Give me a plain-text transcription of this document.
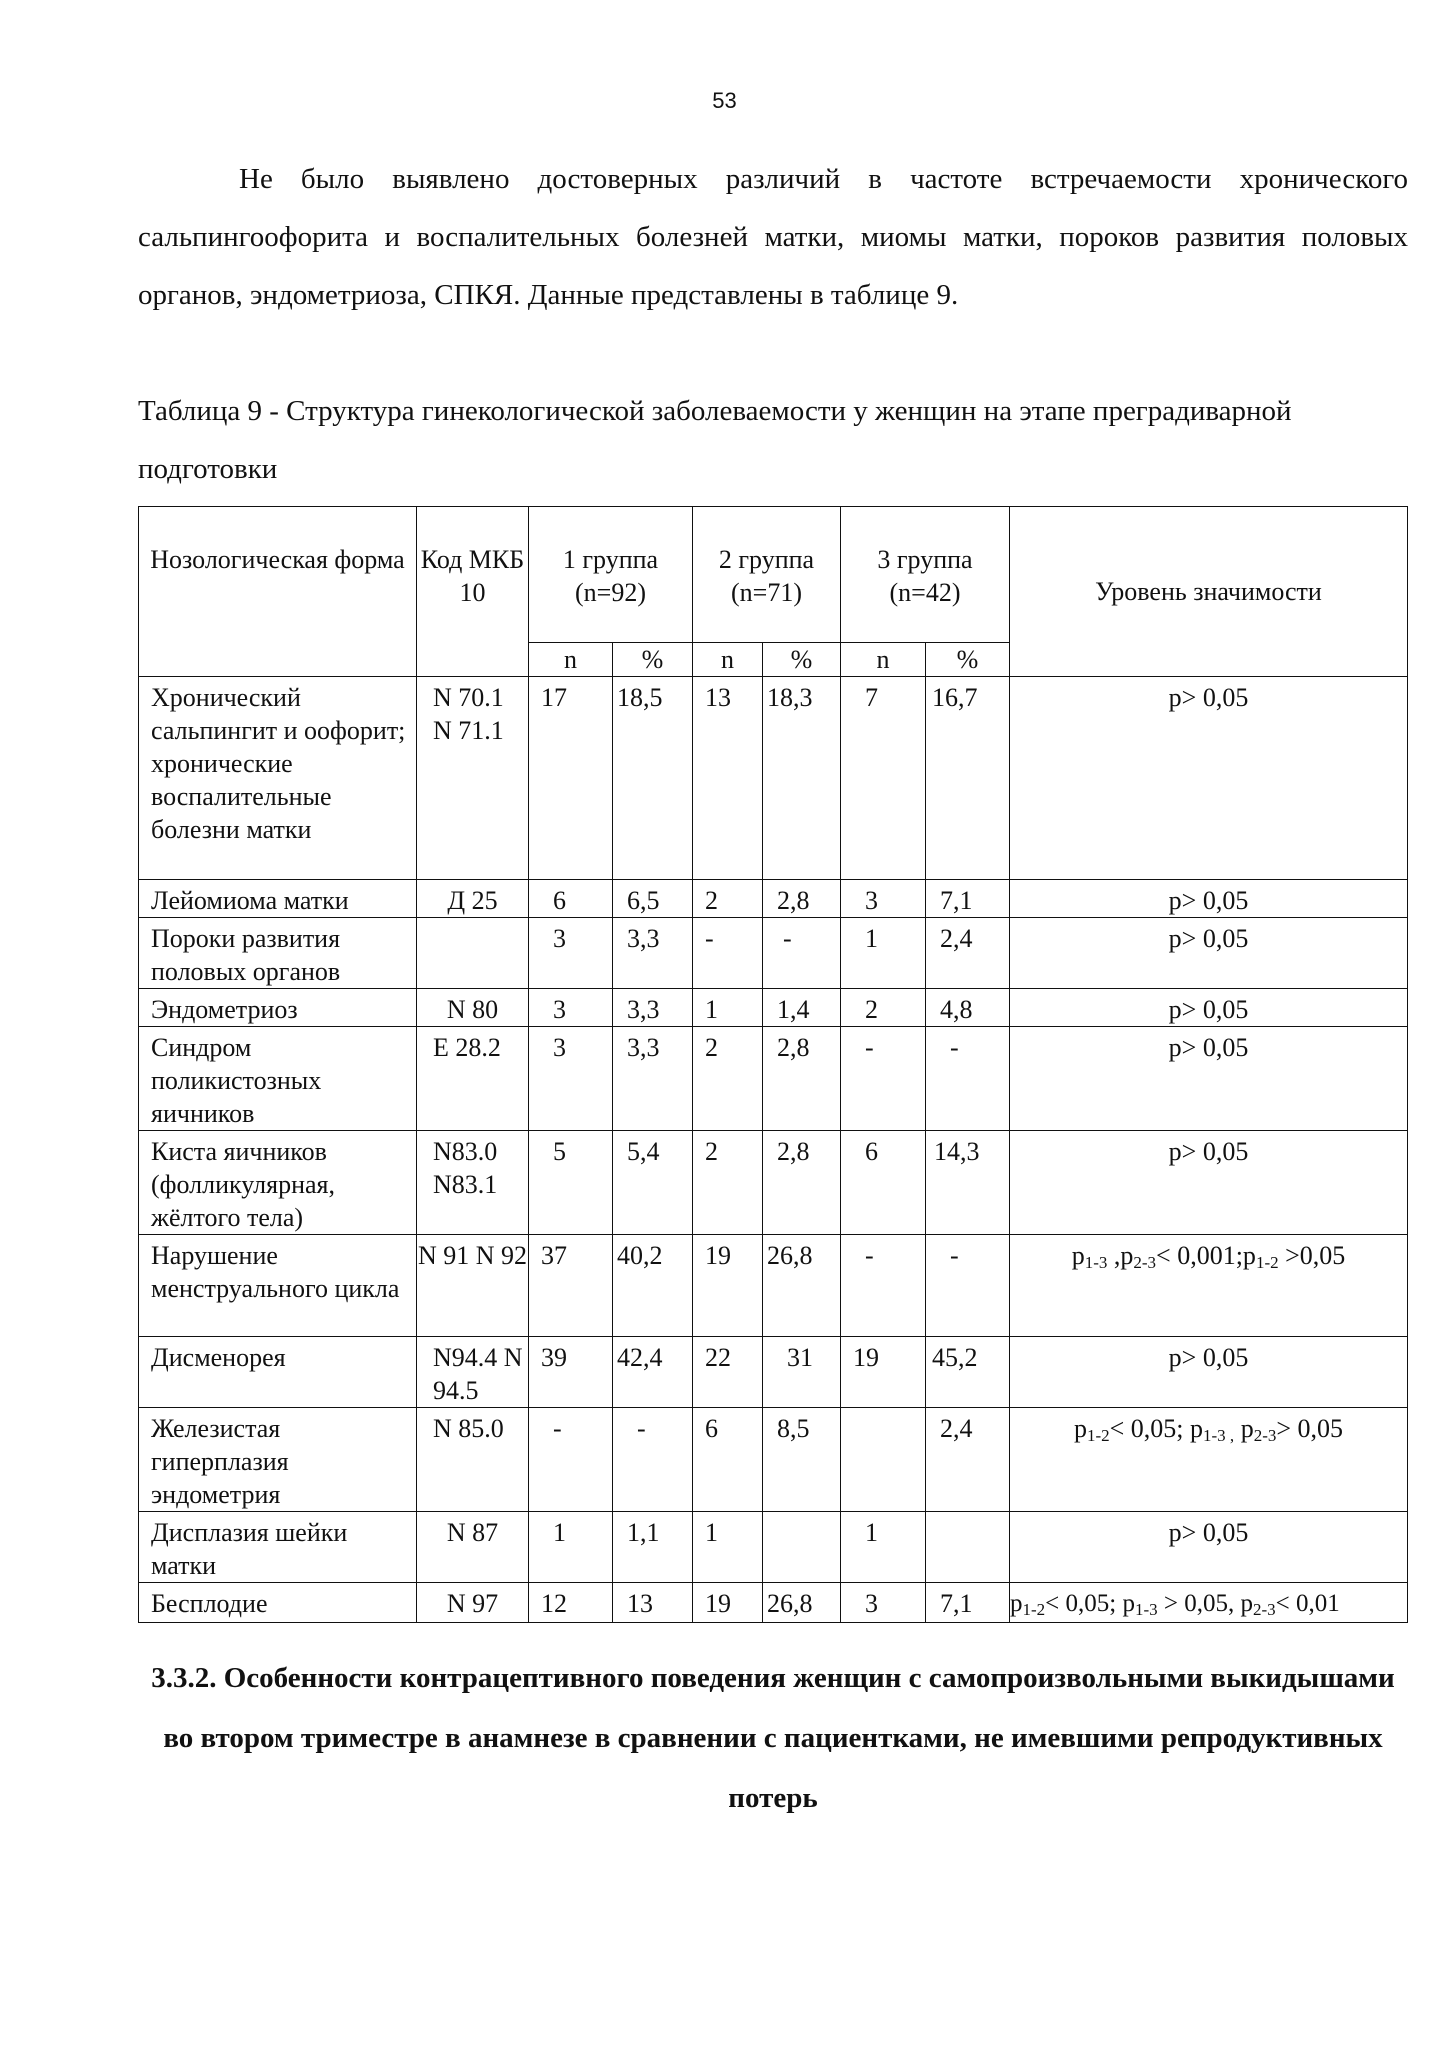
53

Не было выявлено достоверных различий в частоте встречаемости хронического сальпингоофорита и воспалительных болезней матки, миомы матки, пороков развития половых органов, эндометриоза, СПКЯ. Данные представлены в таблице 9.

Таблица 9 - Структура гинекологической заболеваемости у женщин на этапе преградиварной подготовки

Нозологическая форма	Код МКБ 10	1 группа (n=92)		2 группа (n=71)		3 группа (n=42)		Уровень значимости
		n	%	n	%	n	%	
Хронический сальпингит и оофорит; хронические воспалительные болезни матки	N 70.1 N 71.1	17	18,5	13	18,3	7	16,7	p> 0,05
Лейомиома матки	Д 25	6	6,5	2	2,8	3	7,1	p> 0,05
Пороки развития половых органов		3	3,3	-	-	1	2,4	p> 0,05
Эндометриоз	N 80	3	3,3	1	1,4	2	4,8	p> 0,05
Синдром поликистозных яичников	E 28.2	3	3,3	2	2,8	-	-	p> 0,05
Киста яичников (фолликулярная, жёлтого тела)	N83.0 N83.1	5	5,4	2	2,8	6	14,3	p> 0,05
Нарушение менструального цикла	N 91 N 92	37	40,2	19	26,8	-	-	$p_{1-3}$ $,p_{2-3}<$ $0,001;p_{1-2} >0,05$
Дисменорея	N94.4 N 94.5	39	42,4	22	31	19	45,2	p> 0,05
Железистая гиперплазия эндометрия	N 85.0	-	-	6	8,5		2,4	$p_{1-2}< 0,05$; $p_{1-3 ,}$ $p_{2-3}> 0,05$
Дисплазия шейки матки	N 87	1	1,1	1		1		p> 0,05
Бесплодие	N 97	12	13	19	26,8	3	7,1	$p_{1-2}< 0,05$; $p_{1-3} > 0,05$, $p_{2-3}< 0,01$
3.3.2. Особенности контрацептивного поведения женщин с самопроизвольными выкидышами во втором триместре в анамнезе в сравнении с пациентками, не имевшими репродуктивных потерь
